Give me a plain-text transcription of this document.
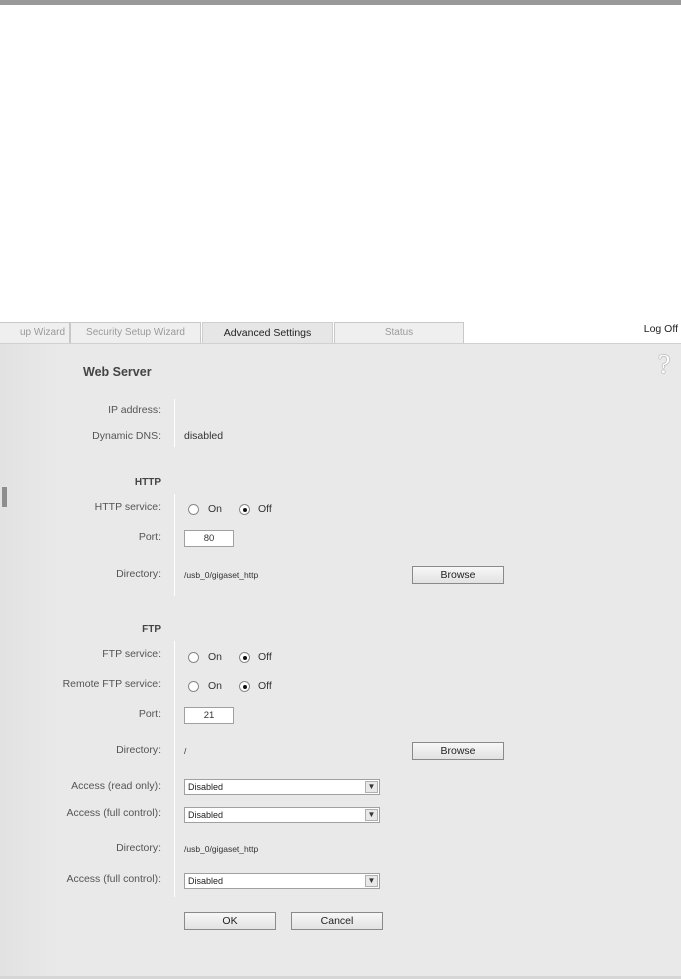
up Wizard	Security Setup Wizard	Advanced Settings	Status	Log Off
?
Web Server
IP address:
Dynamic DNS: disabled
HTTP
HTTP service:	On	Off
Port:	80
Directory:	/usb_0/gigaset_http	Browse
FTP
FTP service:	On	Off
Remote FTP service:	On	Off
Port:	21
Directory:	/	Browse
Access (read only):	Disabled	▼
Access (full control):	Disabled	▼
Directory:	/usb_0/gigaset_http
Access (full control):	Disabled	▼
OK	Cancel
